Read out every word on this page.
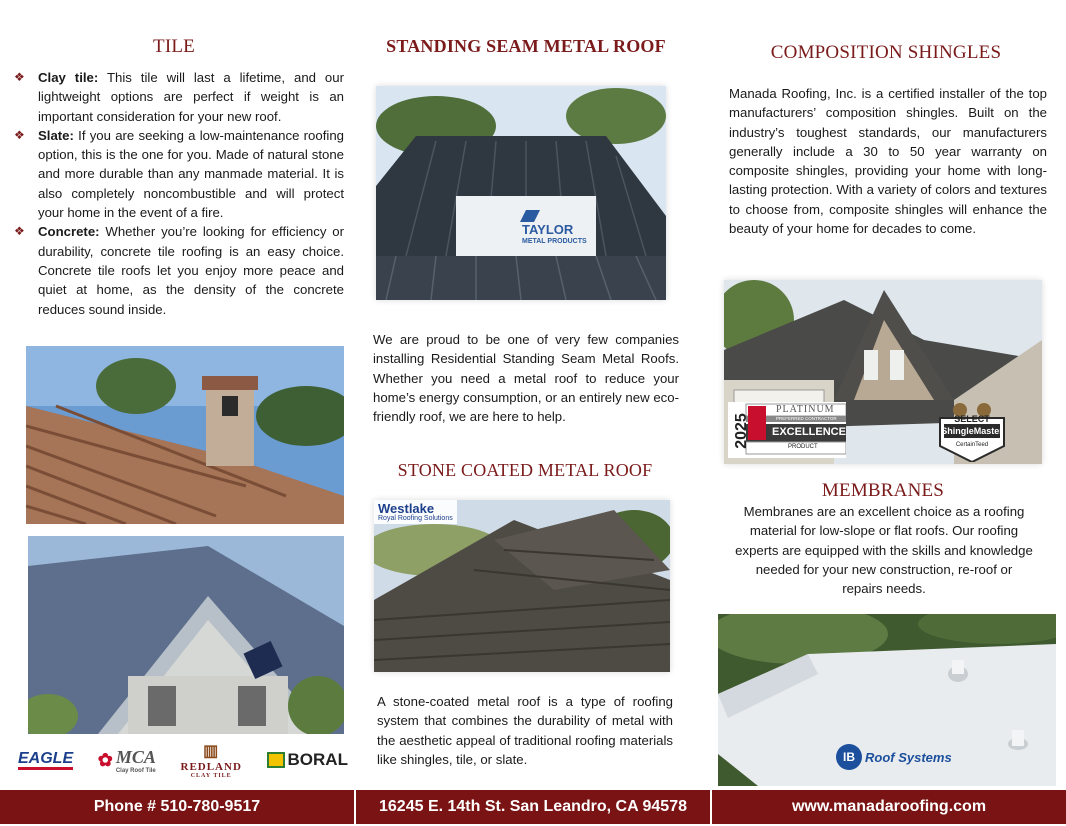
TILE
❖ Clay tile: This tile will last a lifetime, and our lightweight options are perfect if weight is an important consideration for your new roof.
❖ Slate: If you are seeking a low-maintenance roofing option, this is the one for you. Made of natural stone and more durable than any manmade material. It is also completely noncombustible and will protect your home in the event of a fire.
❖ Concrete: Whether you’re looking for efficiency or durability, concrete tile roofing is an easy choice. Concrete tile roofs let you enjoy more peace and quiet at home, as the density of the concrete reduces sound inside.
EAGLE ✿ MCA
Clay Roof Tile
▥
REDLAND
CLAY TILE
BORAL
STANDING SEAM METAL ROOF
TAYLOR
METAL PRODUCTS
We are proud to be one of very few companies installing Residential Standing Seam Metal Roofs. Whether you need a metal roof to reduce your home’s energy consumption, or an entirely new eco-friendly roof, we are here to help.
STONE COATED METAL ROOF
Westlake
Royal Roofing Solutions
A stone-coated metal roof is a type of roofing system that combines the durability of metal with the aesthetic appeal of traditional roofing materials like shingles, tile, or slate.
COMPOSITION SHINGLES
Manada Roofing, Inc. is a certified installer of the top manufacturers’ composition shingles. Built on the industry’s toughest standards, our manufacturers generally include a 30 to 50 year warranty on composite shingles, providing your home with long-lasting protection. With a variety of colors and textures to choose from, composite shingles will enhance the beauty of your home for decades to come.
2025
PLATINUM
PREFERRED CONTRACTOR
EXCELLENCE
PRODUCT
SELECT
ShingleMaster
CertainTeed
MEMBRANES
Membranes are an excellent choice as a roofing material for low-slope or flat roofs. Our roofing experts are equipped with the skills and knowledge needed for your new construction, re-roof or repairs needs.
IB Roof Systems
Phone # 510-780-9517	16245 E. 14th St. San Leandro, CA 94578	www.manadaroofing.com
